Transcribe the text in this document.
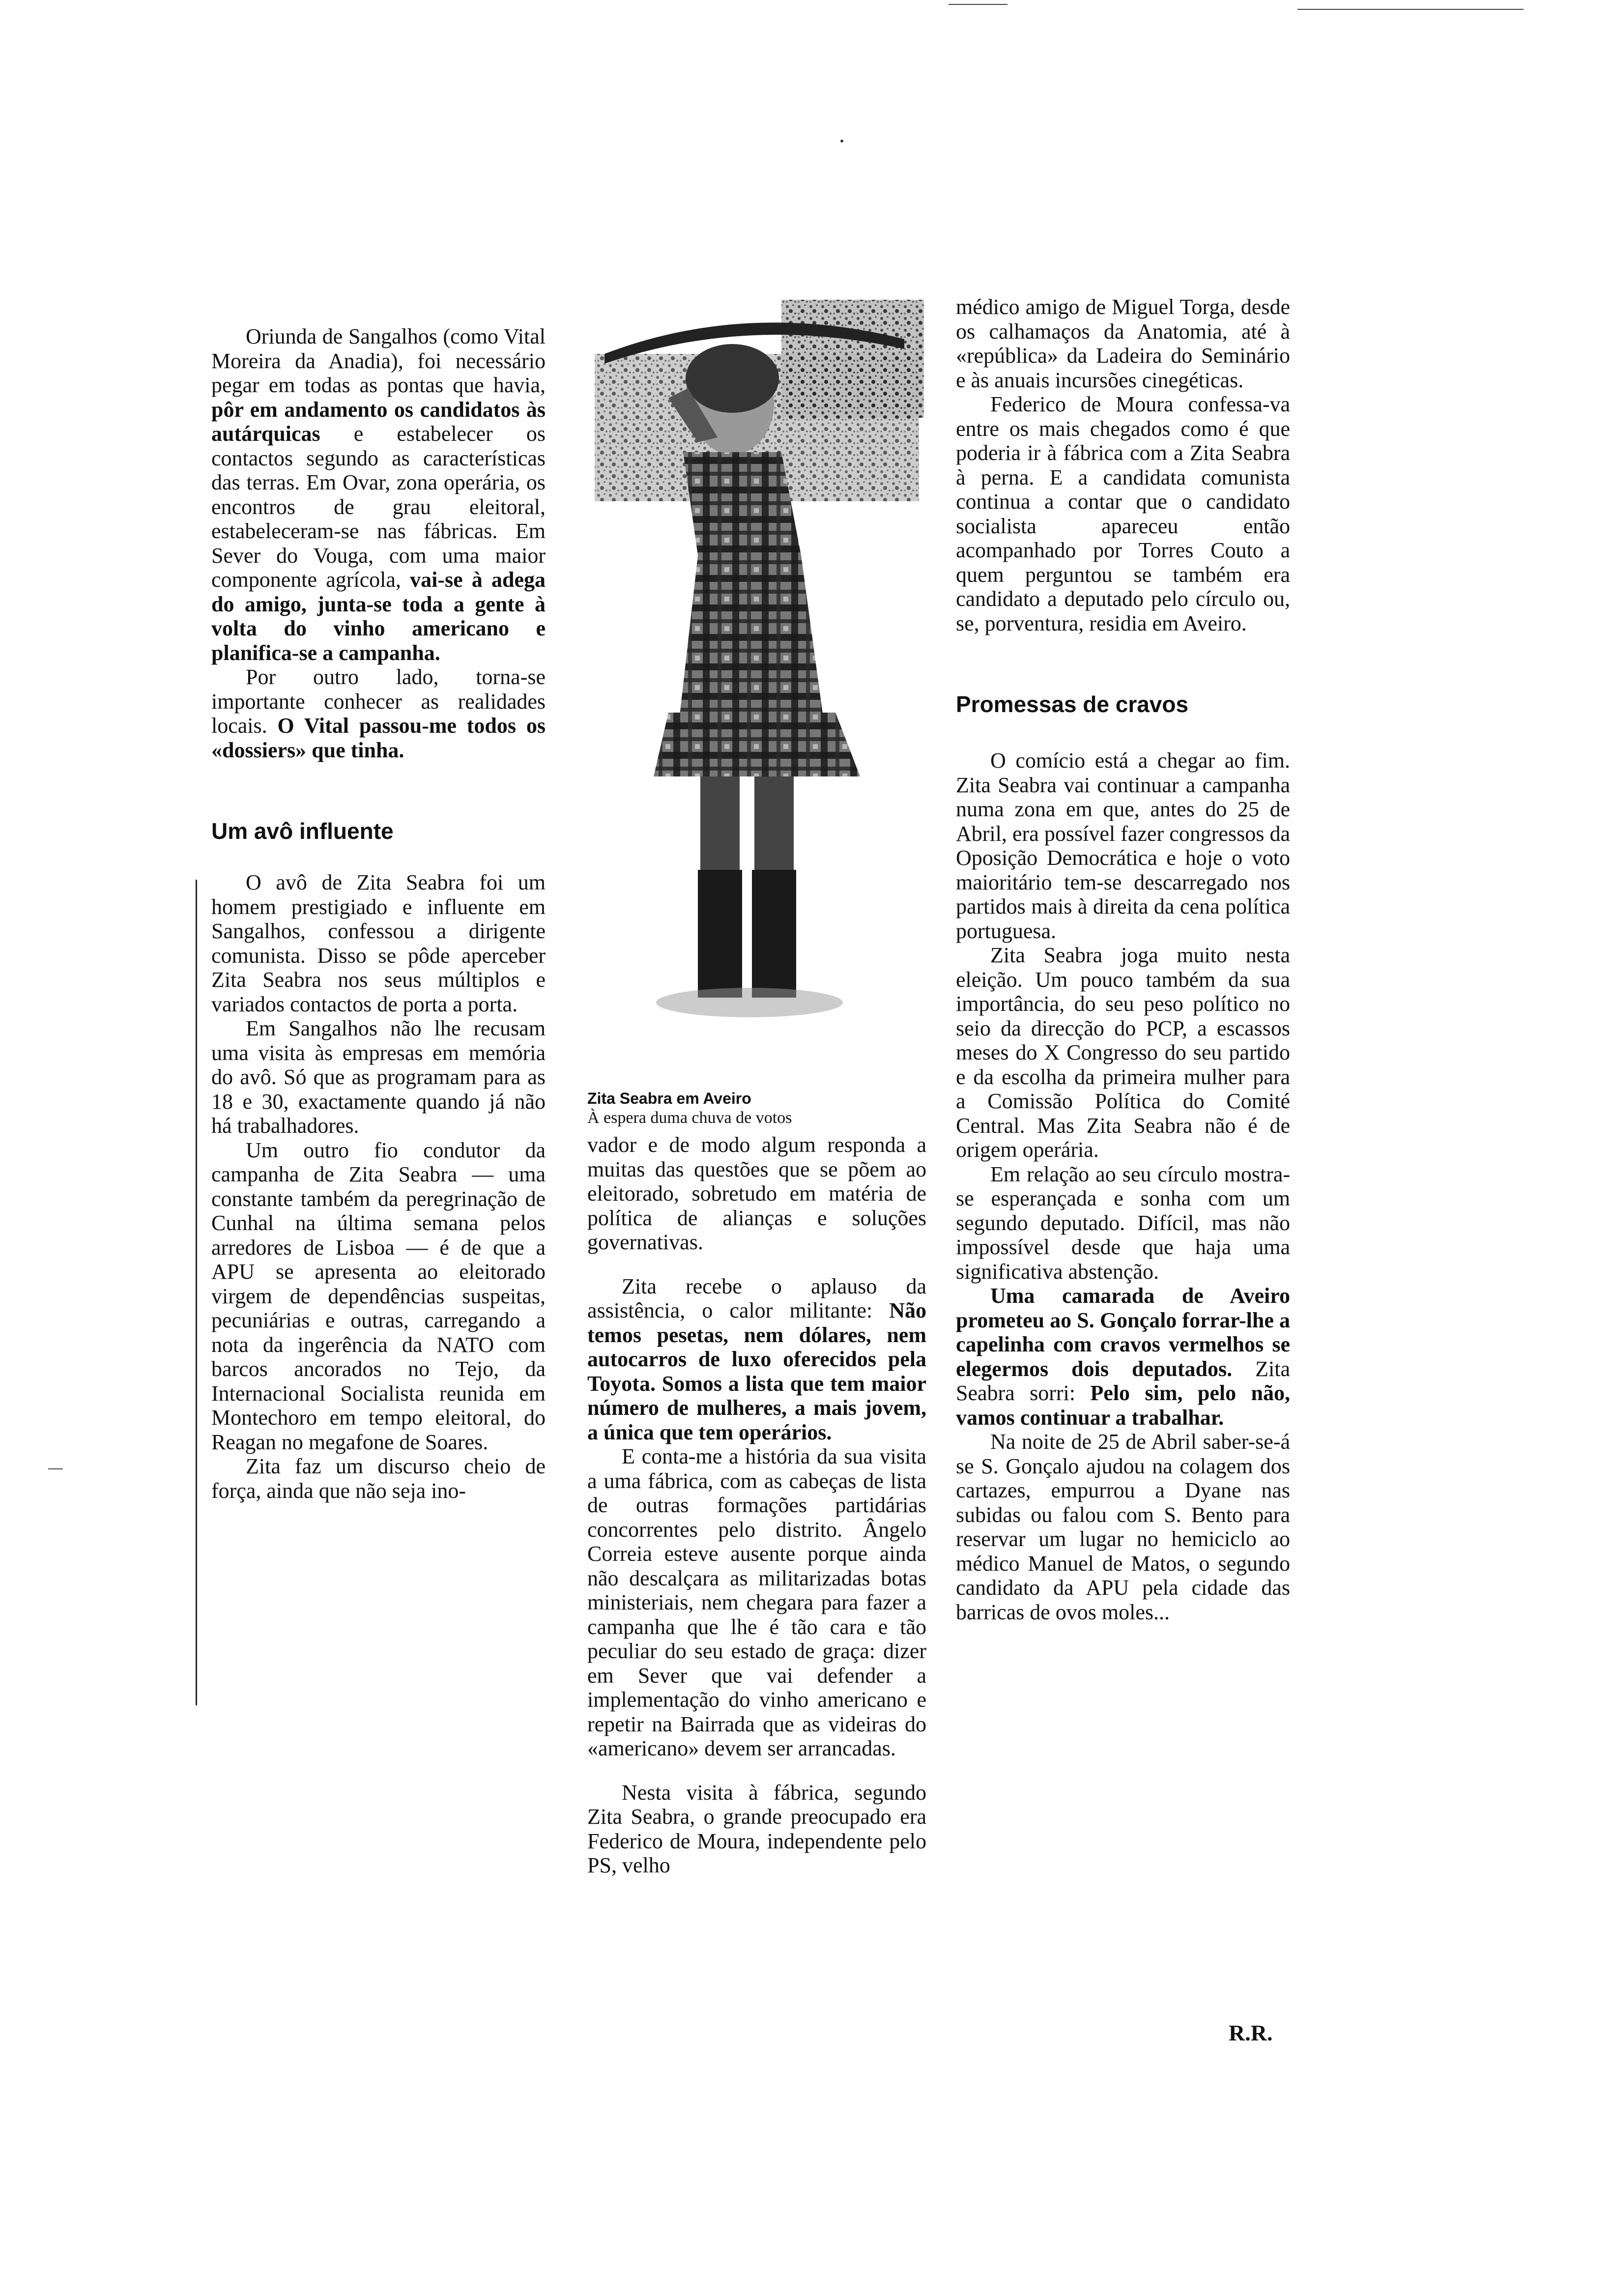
Oriunda de Sangalhos (como Vital Moreira da Anadia), foi necessário pegar em todas as pontas que havia, pôr em andamento os candidatos às autárquicas e estabelecer os contactos segundo as características das terras. Em Ovar, zona operária, os encontros de grau eleitoral, estabeleceram-se nas fábricas. Em Sever do Vouga, com uma maior componente agrícola, vai-se à adega do amigo, junta-se toda a gente à volta do vinho americano e planifica-se a campanha.

Por outro lado, torna-se importante conhecer as realidades locais. O Vital passou-me todos os «dossiers» que tinha.

Um avô influente

O avô de Zita Seabra foi um homem prestigiado e influente em Sangalhos, confessou a dirigente comunista. Disso se pôde aperceber Zita Seabra nos seus múltiplos e variados contactos de porta a porta.

Em Sangalhos não lhe recusam uma visita às empresas em memória do avô. Só que as programam para as 18 e 30, exactamente quando já não há trabalhadores.

Um outro fio condutor da campanha de Zita Seabra — uma constante também da peregrinação de Cunhal na última semana pelos arredores de Lisboa — é de que a APU se apresenta ao eleitorado virgem de dependências suspeitas, pecuniárias e outras, carregando a nota da ingerência da NATO com barcos ancorados no Tejo, da Internacional Socialista reunida em Montechoro em tempo eleitoral, do Reagan no megafone de Soares.

Zita faz um discurso cheio de força, ainda que não seja ino-

Zita Seabra em Aveiro
À espera duma chuva de votos

vador e de modo algum responda a muitas das questões que se põem ao eleitorado, sobretudo em matéria de política de alianças e soluções governativas.

Zita recebe o aplauso da assistência, o calor militante: Não temos pesetas, nem dólares, nem autocarros de luxo oferecidos pela Toyota. Somos a lista que tem maior número de mulheres, a mais jovem, a única que tem operários.

E conta-me a história da sua visita a uma fábrica, com as cabeças de lista de outras formações partidárias concorrentes pelo distrito. Ângelo Correia esteve ausente porque ainda não descalçara as militarizadas botas ministeriais, nem chegara para fazer a campanha que lhe é tão cara e tão peculiar do seu estado de graça: dizer em Sever que vai defender a implementação do vinho americano e repetir na Bairrada que as videiras do «americano» devem ser arrancadas.

Nesta visita à fábrica, segundo Zita Seabra, o grande preocupado era Federico de Moura, independente pelo PS, velho

médico amigo de Miguel Torga, desde os calhamaços da Anatomia, até à «república» da Ladeira do Seminário e às anuais incursões cinegéticas.

Federico de Moura confessa-va entre os mais chegados como é que poderia ir à fábrica com a Zita Seabra à perna. E a candidata comunista continua a contar que o candidato socialista apareceu então acompanhado por Torres Couto a quem perguntou se também era candidato a deputado pelo círculo ou, se, porventura, residia em Aveiro.

Promessas de cravos

O comício está a chegar ao fim. Zita Seabra vai continuar a campanha numa zona em que, antes do 25 de Abril, era possível fazer congressos da Oposição Democrática e hoje o voto maioritário tem-se descarregado nos partidos mais à direita da cena política portuguesa.

Zita Seabra joga muito nesta eleição. Um pouco também da sua importância, do seu peso político no seio da direcção do PCP, a escassos meses do X Congresso do seu partido e da escolha da primeira mulher para a Comissão Política do Comité Central. Mas Zita Seabra não é de origem operária.

Em relação ao seu círculo mostra-se esperançada e sonha com um segundo deputado. Difícil, mas não impossível desde que haja uma significativa abstenção.

Uma camarada de Aveiro prometeu ao S. Gonçalo forrar-lhe a capelinha com cravos vermelhos se elegermos dois deputados. Zita Seabra sorri: Pelo sim, pelo não, vamos continuar a trabalhar.

Na noite de 25 de Abril saber-se-á se S. Gonçalo ajudou na colagem dos cartazes, empurrou a Dyane nas subidas ou falou com S. Bento para reservar um lugar no hemiciclo ao médico Manuel de Matos, o segundo candidato da APU pela cidade das barricas de ovos moles...

R.R.
